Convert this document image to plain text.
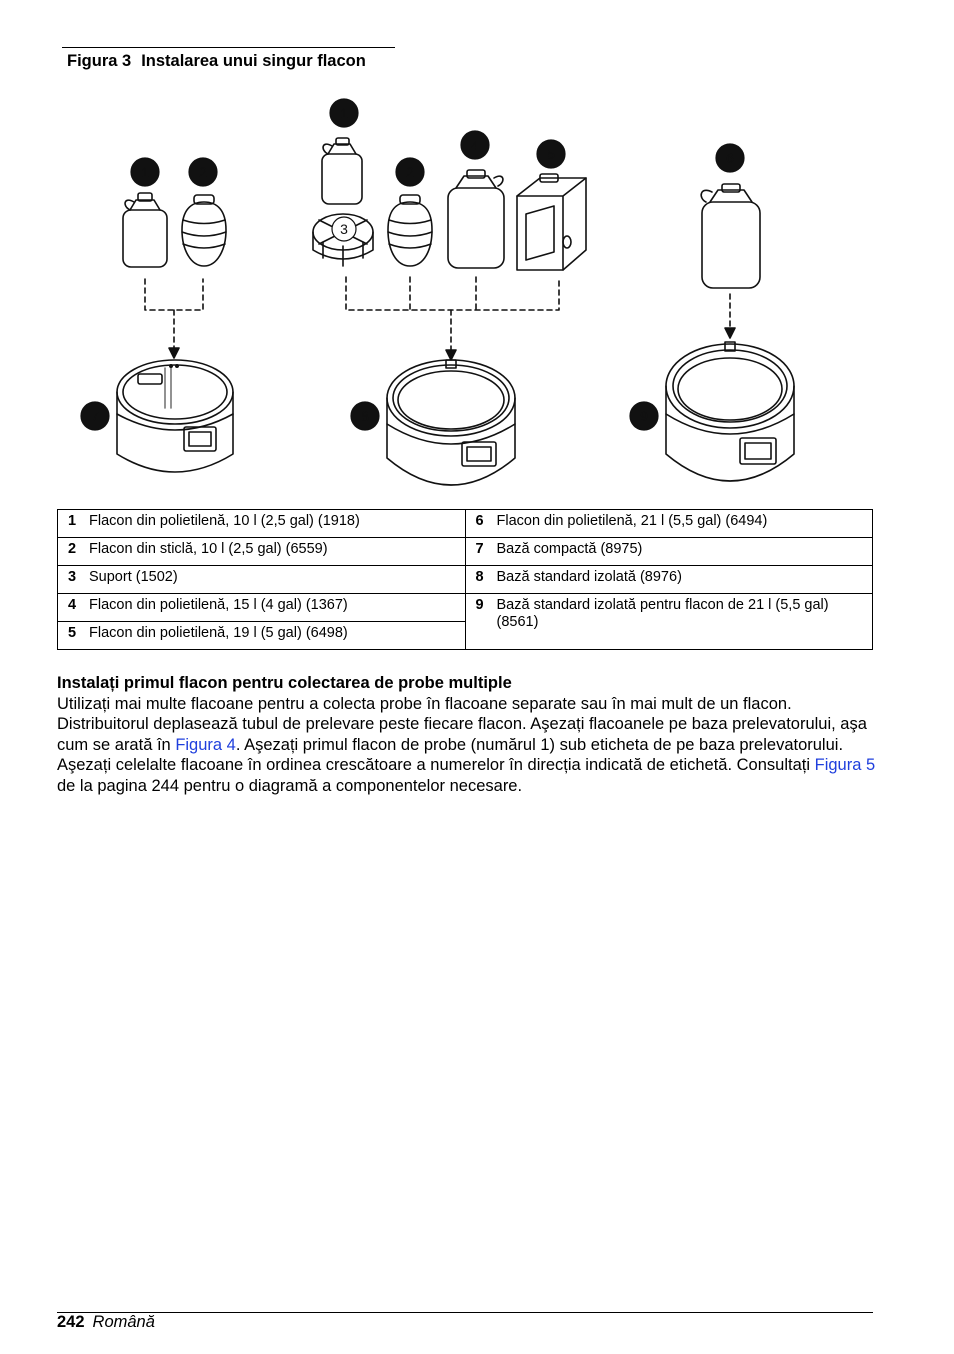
Figura 3 Instalarea unui singur flacon
1	2
1
2
3
4
5	6
7	8	9
1 Flacon din polietilenă, 10 l (2,5 gal) (1918)	6 Flacon din polietilenă, 21 l (5,5 gal) (6494)
2 Flacon din sticlă, 10 l (2,5 gal) (6559)	7 Bază compactă (8975)
3 Suport (1502)	8 Bază standard izolată (8976)
4 Flacon din polietilenă, 15 l (4 gal) (1367)	9 Bază standard izolată pentru flacon de 21 l (5,5 gal) (8561)
5 Flacon din polietilenă, 19 l (5 gal) (6498)	
Instalați primul flacon pentru colectarea de probe multiple

Utilizați mai multe flacoane pentru a colecta probe în flacoane separate sau în mai mult de un flacon. Distribuitorul deplasează tubul de prelevare peste fiecare flacon. Aşezați flacoanele pe baza prelevatorului, aşa cum se arată în Figura 4. Aşezați primul flacon de probe (numărul 1) sub eticheta de pe baza prelevatorului. Aşezați celelalte flacoane în ordinea crescătoare a numerelor în direcția indicată de etichetă. Consultați Figura 5 de la pagina 244 pentru o diagramă a componentelor necesare.

242 Română
